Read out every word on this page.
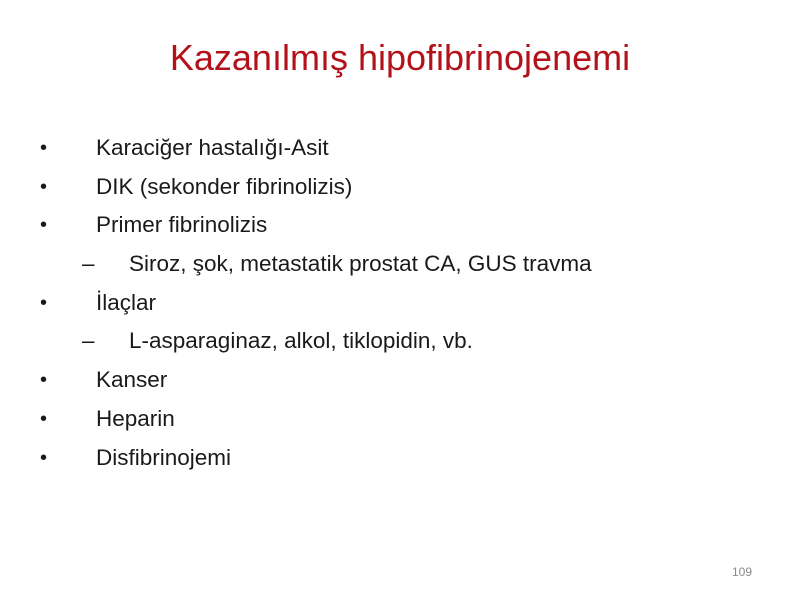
Kazanılmış hipofibrinojenemi
• Karaciğer hastalığı-Asit
• DIK (sekonder fibrinolizis)
• Primer fibrinolizis
– Siroz, şok, metastatik prostat CA, GUS travma
• İlaçlar
– L-asparaginaz, alkol, tiklopidin, vb.
• Kanser
• Heparin
• Disfibrinojemi

109
